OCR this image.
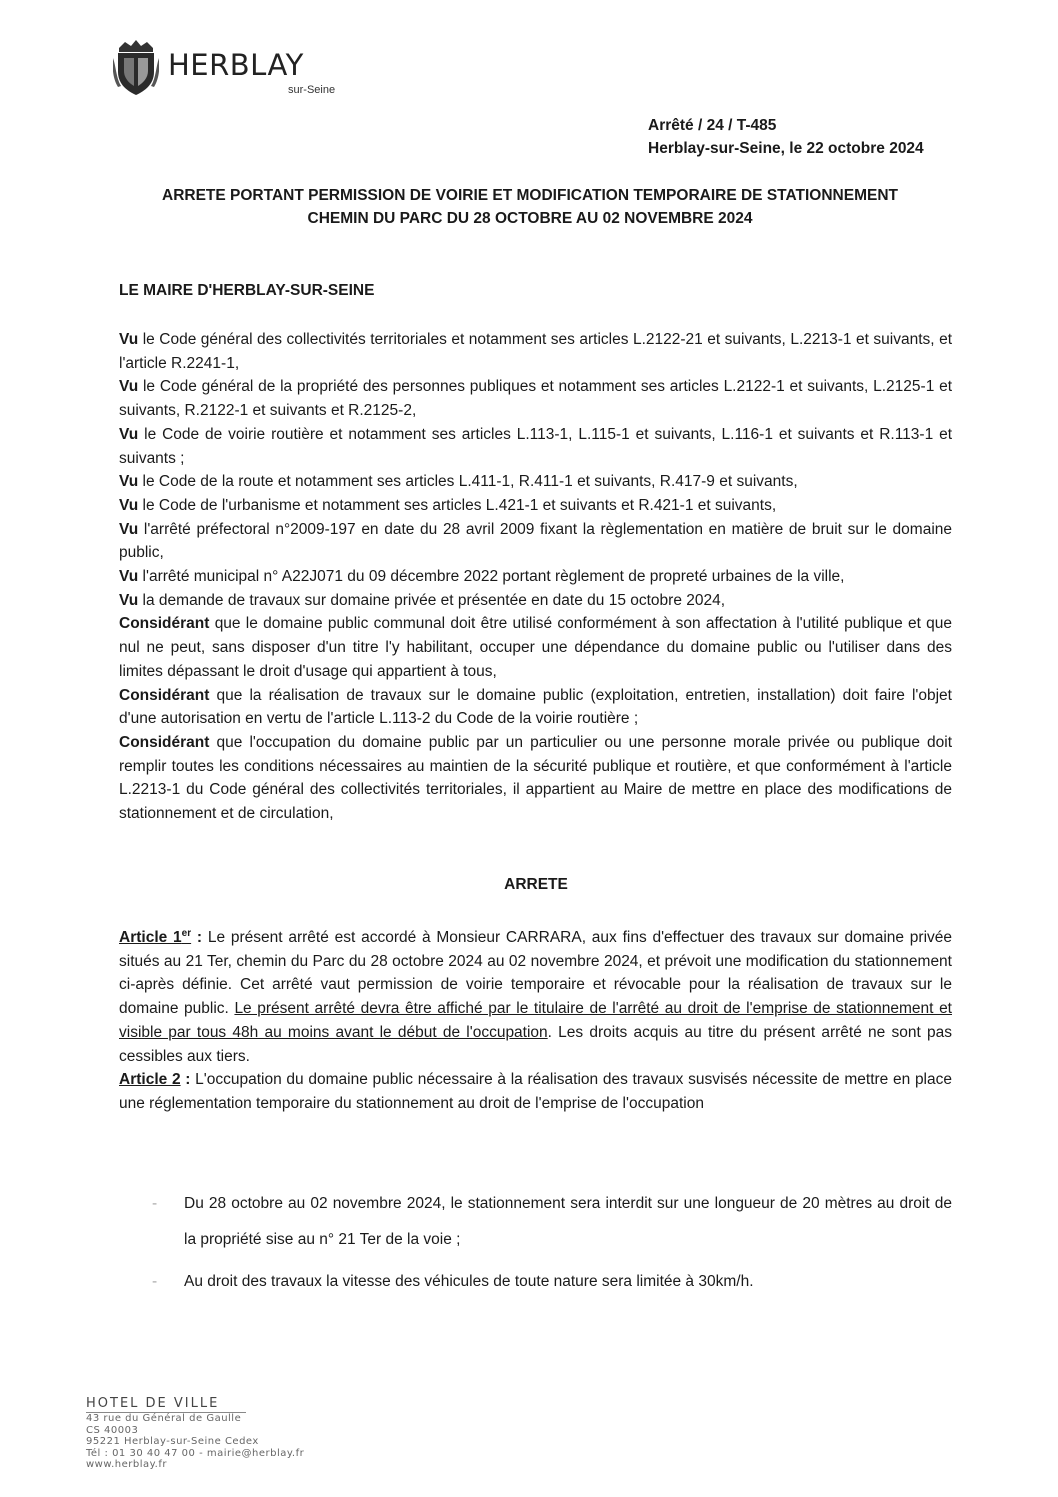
HERBLAY
sur-Seine
Arrêté / 24 / T-485
Herblay-sur-Seine, le 22 octobre 2024
ARRETE PORTANT PERMISSION DE VOIRIE ET MODIFICATION TEMPORAIRE DE STATIONNEMENT
CHEMIN DU PARC DU 28 OCTOBRE AU 02 NOVEMBRE 2024
LE MAIRE D'HERBLAY-SUR-SEINE

Vu le Code général des collectivités territoriales et notamment ses articles L.2122-21 et suivants, L.2213-1 et suivants, et l'article R.2241-1,

Vu le Code général de la propriété des personnes publiques et notamment ses articles L.2122-1 et suivants, L.2125-1 et suivants, R.2122-1 et suivants et R.2125-2,

Vu le Code de voirie routière et notamment ses articles L.113-1, L.115-1 et suivants, L.116-1 et suivants et R.113-1 et suivants ;

Vu le Code de la route et notamment ses articles L.411-1, R.411-1 et suivants, R.417-9 et suivants,

Vu le Code de l'urbanisme et notamment ses articles L.421-1 et suivants et R.421-1 et suivants,

Vu l'arrêté préfectoral n°2009-197 en date du 28 avril 2009 fixant la règlementation en matière de bruit sur le domaine public,

Vu l'arrêté municipal n° A22J071 du 09 décembre 2022 portant règlement de propreté urbaines de la ville,

Vu la demande de travaux sur domaine privée et présentée en date du 15 octobre 2024,

Considérant que le domaine public communal doit être utilisé conformément à son affectation à l'utilité publique et que nul ne peut, sans disposer d'un titre l'y habilitant, occuper une dépendance du domaine public ou l'utiliser dans des limites dépassant le droit d'usage qui appartient à tous,

Considérant que la réalisation de travaux sur le domaine public (exploitation, entretien, installation) doit faire l'objet d'une autorisation en vertu de l'article L.113-2 du Code de la voirie routière ;

Considérant que l'occupation du domaine public par un particulier ou une personne morale privée ou publique doit remplir toutes les conditions nécessaires au maintien de la sécurité publique et routière, et que conformément à l'article L.2213-1 du Code général des collectivités territoriales, il appartient au Maire de mettre en place des modifications de stationnement et de circulation,

ARRETE

Article 1er : Le présent arrêté est accordé à Monsieur CARRARA, aux fins d'effectuer des travaux sur domaine privée situés au 21 Ter, chemin du Parc du 28 octobre 2024 au 02 novembre 2024, et prévoit une modification du stationnement ci-après définie. Cet arrêté vaut permission de voirie temporaire et révocable pour la réalisation de travaux sur le domaine public. Le présent arrêté devra être affiché par le titulaire de l'arrêté au droit de l'emprise de stationnement et visible par tous 48h au moins avant le début de l'occupation. Les droits acquis au titre du présent arrêté ne sont pas cessibles aux tiers.

Article 2 : L'occupation du domaine public nécessaire à la réalisation des travaux susvisés nécessite de mettre en place une réglementation temporaire du stationnement au droit de l'emprise de l'occupation

- Du 28 octobre au 02 novembre 2024, le stationnement sera interdit sur une longueur de 20 mètres au droit de la propriété sise au n° 21 Ter de la voie ;
- Au droit des travaux la vitesse des véhicules de toute nature sera limitée à 30km/h.
HOTEL DE VILLE
43 rue du Général de Gaulle
CS 40003
95221 Herblay-sur-Seine Cedex
Tél : 01 30 40 47 00 - mairie@herblay.fr
www.herblay.fr
